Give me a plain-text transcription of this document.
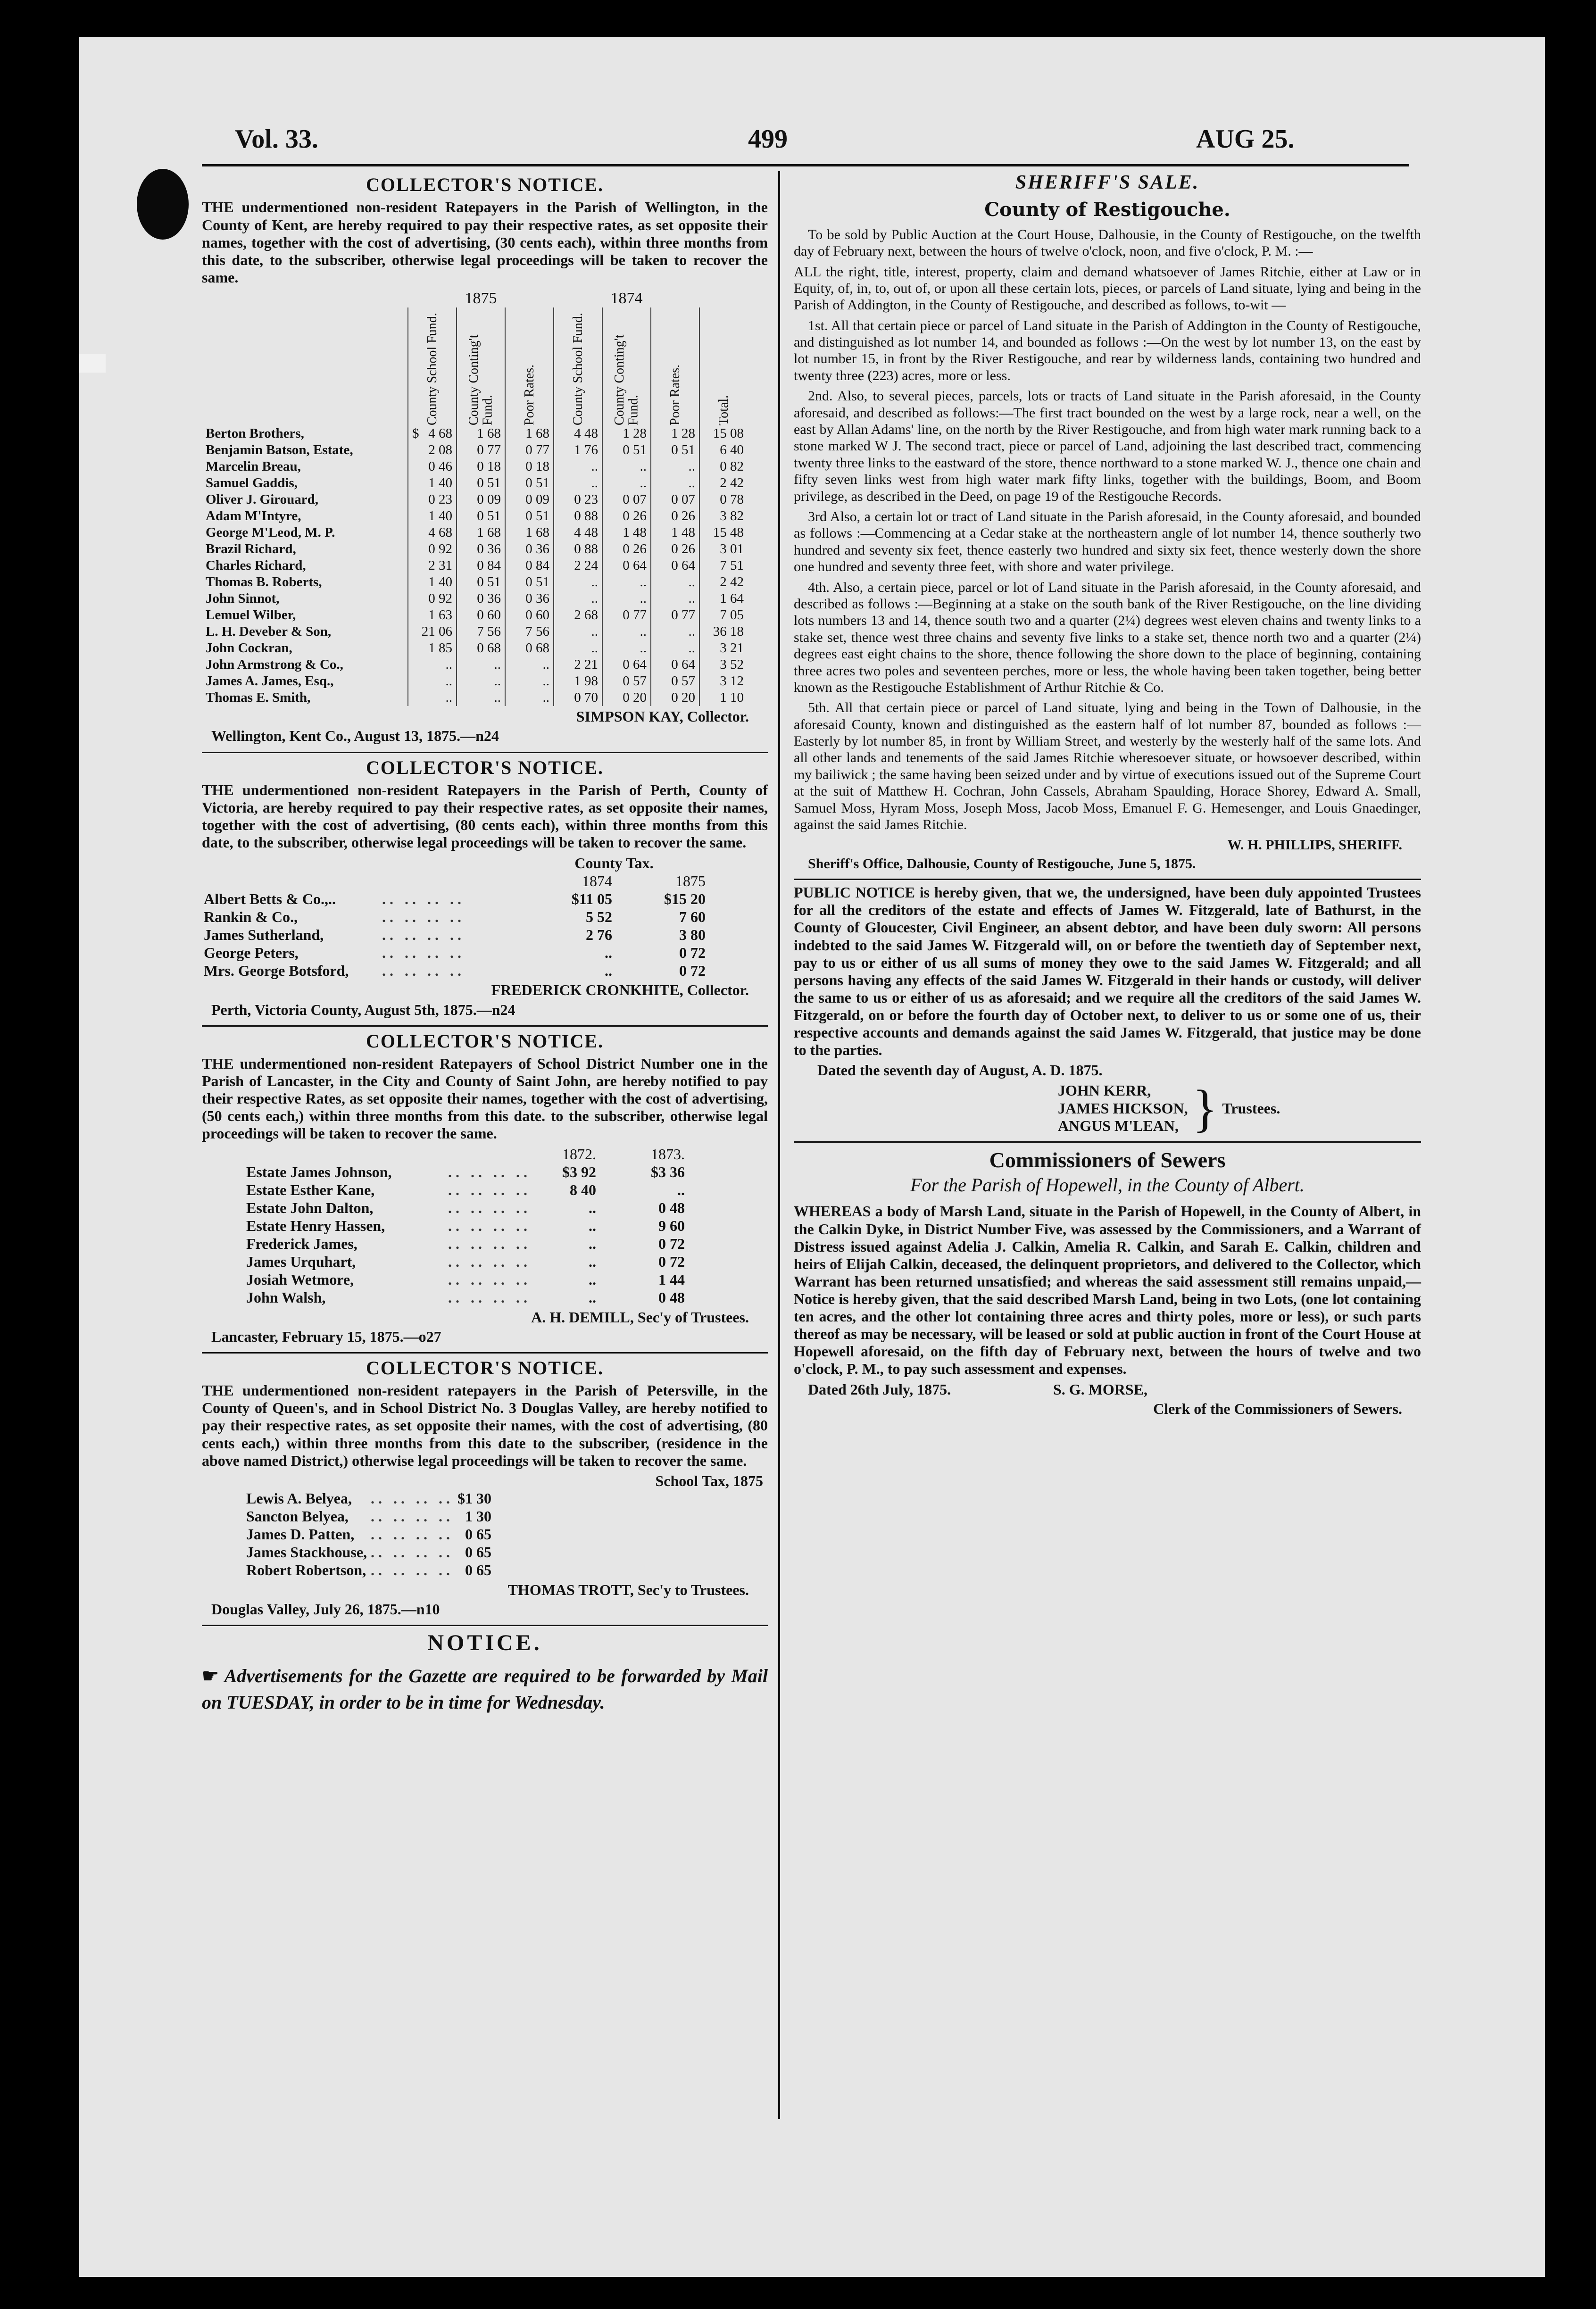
Vol. 33.	499	AUG 25.
COLLECTOR'S NOTICE.
THE undermentioned non-resident Ratepayers in the Parish of Wellington, in the County of Kent, are hereby required to pay their respective rates, as set opposite their names, together with the cost of advertising, (30 cents each), within three months from this date, to the subscriber, otherwise legal proceedings will be taken to recover the same.
	1875			1874			

	County School Fund.	County Conting't Fund.	Poor Rates.	County School Fund.	County Conting't Fund.	Poor Rates.	Total.

Berton Brothers,	$ 4 68	1 68	1 68	4 48	1 28	1 28	15 08
Benjamin Batson, Estate,	2 08	0 77	0 77	1 76	0 51	0 51	6 40
Marcelin Breau,	0 46	0 18	0 18	..	..	..	0 82
Samuel Gaddis,	1 40	0 51	0 51	..	..	..	2 42
Oliver J. Girouard,	0 23	0 09	0 09	0 23	0 07	0 07	0 78
Adam M'Intyre,	1 40	0 51	0 51	0 88	0 26	0 26	3 82
George M'Leod, M. P.	4 68	1 68	1 68	4 48	1 48	1 48	15 48
Brazil Richard,	0 92	0 36	0 36	0 88	0 26	0 26	3 01
Charles Richard,	2 31	0 84	0 84	2 24	0 64	0 64	7 51
Thomas B. Roberts,	1 40	0 51	0 51	..	..	..	2 42
John Sinnot,	0 92	0 36	0 36	..	..	..	1 64
Lemuel Wilber,	1 63	0 60	0 60	2 68	0 77	0 77	7 05
L. H. Deveber & Son,	21 06	7 56	7 56	..	..	..	36 18
John Cockran,	1 85	0 68	0 68	..	..	..	3 21
John Armstrong & Co.,	..	..	..	2 21	0 64	0 64	3 52
James A. James, Esq.,	..	..	..	1 98	0 57	0 57	3 12
Thomas E. Smith,	..	..	..	0 70	0 20	0 20	1 10
SIMPSON KAY, Collector.
Wellington, Kent Co., August 13, 1875.—n24
COLLECTOR'S NOTICE.
THE undermentioned non-resident Ratepayers in the Parish of Perth, County of Victoria, are hereby required to pay their respective rates, as set opposite their names, together with the cost of advertising, (80 cents each), within three months from this date, to the subscriber, otherwise legal proceedings will be taken to recover the same.
		County Tax.	
		1874	1875
Albert Betts & Co.,..	.. .. .. ..	$11 05	$15 20
Rankin & Co.,	.. .. .. ..	5 52	7 60
James Sutherland,	.. .. .. ..	2 76	3 80
George Peters,	.. .. .. ..	..	0 72
Mrs. George Botsford,	.. .. .. ..	..	0 72
FREDERICK CRONKHITE, Collector.
Perth, Victoria County, August 5th, 1875.—n24
COLLECTOR'S NOTICE.
THE undermentioned non-resident Ratepayers of School District Number one in the Parish of Lancaster, in the City and County of Saint John, are hereby notified to pay their respective Rates, as set opposite their names, together with the cost of advertising, (50 cents each,) within three months from this date. to the subscriber, otherwise legal proceedings will be taken to recover the same.
		1872.	1873.
Estate James Johnson,	.. .. .. ..	$3 92	$3 36
Estate Esther Kane,	.. .. .. ..	8 40	..
Estate John Dalton,	.. .. .. ..	..	0 48
Estate Henry Hassen,	.. .. .. ..	..	9 60
Frederick James,	.. .. .. ..	..	0 72
James Urquhart,	.. .. .. ..	..	0 72
Josiah Wetmore,	.. .. .. ..	..	1 44
John Walsh,	.. .. .. ..	..	0 48
A. H. DEMILL, Sec'y of Trustees.
Lancaster, February 15, 1875.—o27
COLLECTOR'S NOTICE.
THE undermentioned non-resident ratepayers in the Parish of Petersville, in the County of Queen's, and in School District No. 3 Douglas Valley, are hereby notified to pay their respective rates, as set opposite their names, with the cost of advertising, (80 cents each,) within three months from this date to the subscriber, (residence in the above named District,) otherwise legal proceedings will be taken to recover the same.
School Tax, 1875
Lewis A. Belyea,	.. .. .. ..	$1 30
Sancton Belyea,	.. .. .. ..	1 30
James D. Patten,	.. .. .. ..	0 65
James Stackhouse,	.. .. .. ..	0 65
Robert Robertson,	.. .. .. ..	0 65
THOMAS TROTT, Sec'y to Trustees.
Douglas Valley, July 26, 1875.—n10
NOTICE.
☛ Advertisements for the Gazette are required to be forwarded by Mail on TUESDAY, in order to be in time for Wednesday.
SHERIFF'S SALE.
County of Restigouche.
To be sold by Public Auction at the Court House, Dalhousie, in the County of Restigouche, on the twelfth day of February next, between the hours of twelve o'clock, noon, and five o'clock, P. M. :—
ALL the right, title, interest, property, claim and demand whatsoever of James Ritchie, either at Law or in Equity, of, in, to, out of, or upon all these certain lots, pieces, or parcels of Land situate, lying and being in the Parish of Addington, in the County of Restigouche, and described as follows, to-wit —
1st. All that certain piece or parcel of Land situate in the Parish of Addington in the County of Restigouche, and distinguished as lot number 14, and bounded as follows :—On the west by lot number 13, on the east by lot number 15, in front by the River Restigouche, and rear by wilderness lands, containing two hundred and twenty three (223) acres, more or less.
2nd. Also, to several pieces, parcels, lots or tracts of Land situate in the Parish aforesaid, in the County aforesaid, and described as follows:—The first tract bounded on the west by a large rock, near a well, on the east by Allan Adams' line, on the north by the River Restigouche, and from high water mark running back to a stone marked W J. The second tract, piece or parcel of Land, adjoining the last described tract, commencing twenty three links to the eastward of the store, thence northward to a stone marked W. J., thence one chain and fifty seven links west from high water mark fifty links, together with the buildings, Boom, and Boom privilege, as described in the Deed, on page 19 of the Restigouche Records.
3rd Also, a certain lot or tract of Land situate in the Parish aforesaid, in the County aforesaid, and bounded as follows :—Commencing at a Cedar stake at the northeastern angle of lot number 14, thence southerly two hundred and seventy six feet, thence easterly two hundred and sixty six feet, thence westerly down the shore one hundred and seventy three feet, with shore and water privilege.
4th. Also, a certain piece, parcel or lot of Land situate in the Parish aforesaid, in the County aforesaid, and described as follows :—Beginning at a stake on the south bank of the River Restigouche, on the line dividing lots numbers 13 and 14, thence south two and a quarter (2¼) degrees west eleven chains and twenty links to a stake set, thence west three chains and seventy five links to a stake set, thence north two and a quarter (2¼) degrees east eight chains to the shore, thence following the shore down to the place of beginning, containing three acres two poles and seventeen perches, more or less, the whole having been taken together, being better known as the Restigouche Establishment of Arthur Ritchie & Co.
5th. All that certain piece or parcel of Land situate, lying and being in the Town of Dalhousie, in the aforesaid County, known and distinguished as the eastern half of lot number 87, bounded as follows :—Easterly by lot number 85, in front by William Street, and westerly by the westerly half of the same lots. And all other lands and tenements of the said James Ritchie wheresoever situate, or howsoever described, within my bailiwick ; the same having been seized under and by virtue of executions issued out of the Supreme Court at the suit of Matthew H. Cochran, John Cassels, Abraham Spaulding, Horace Shorey, Edward A. Small, Samuel Moss, Hyram Moss, Joseph Moss, Jacob Moss, Emanuel F. G. Hemesenger, and Louis Gnaedinger, against the said James Ritchie.
W. H. PHILLIPS, SHERIFF.
Sheriff's Office, Dalhousie, County of Restigouche, June 5, 1875.
PUBLIC NOTICE is hereby given, that we, the undersigned, have been duly appointed Trustees for all the creditors of the estate and effects of James W. Fitzgerald, late of Bathurst, in the County of Gloucester, Civil Engineer, an absent debtor, and have been duly sworn: All persons indebted to the said James W. Fitzgerald will, on or before the twentieth day of September next, pay to us or either of us all sums of money they owe to the said James W. Fitzgerald; and all persons having any effects of the said James W. Fitzgerald in their hands or custody, will deliver the same to us or either of us as aforesaid; and we require all the creditors of the said James W. Fitzgerald, on or before the fourth day of October next, to deliver to us or some one of us, their respective accounts and demands against the said James W. Fitzgerald, that justice may be done to the parties.
Dated the seventh day of August, A. D. 1875.
JOHN KERR,
JAMES HICKSON,
ANGUS M'LEAN, } Trustees.
Commissioners of Sewers
For the Parish of Hopewell, in the County of Albert.
WHEREAS a body of Marsh Land, situate in the Parish of Hopewell, in the County of Albert, in the Calkin Dyke, in District Number Five, was assessed by the Commissioners, and a Warrant of Distress issued against Adelia J. Calkin, Amelia R. Calkin, and Sarah E. Calkin, children and heirs of Elijah Calkin, deceased, the delinquent proprietors, and delivered to the Collector, which Warrant has been returned unsatisfied; and whereas the said assessment still remains unpaid,—Notice is hereby given, that the said described Marsh Land, being in two Lots, (one lot containing ten acres, and the other lot containing three acres and thirty poles, more or less), or such parts thereof as may be necessary, will be leased or sold at public auction in front of the Court House at Hopewell aforesaid, on the fifth day of February next, between the hours of twelve and two o'clock, P. M., to pay such assessment and expenses.
Dated 26th July, 1875.	S. G. MORSE,
Clerk of the Commissioners of Sewers.
